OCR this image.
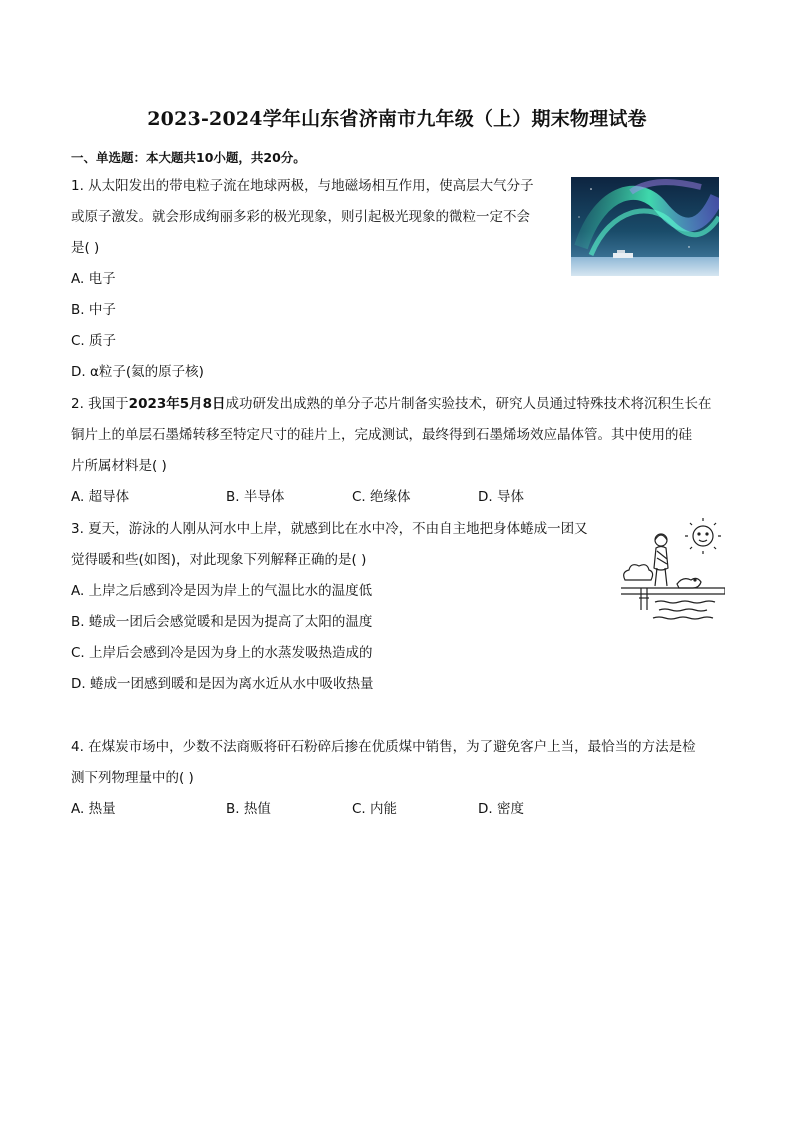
2023-2024学年山东省济南市九年级（上）期末物理试卷
一、单选题：本大题共10小题，共20分。
1. 从太阳发出的带电粒子流在地球两极，与地磁场相互作用，使高层大气分子
或原子激发。就会形成绚丽多彩的极光现象，则引起极光现象的微粒一定不会
是( )
A. 电子
B. 中子
C. 质子
D. α粒子(氦的原子核)
2. 我国于2023年5月8日成功研发出成熟的单分子芯片制备实验技术，研究人员通过特殊技术将沉积生长在
铜片上的单层石墨烯转移至特定尺寸的硅片上，完成测试，最终得到石墨烯场效应晶体管。其中使用的硅
片所属材料是( )
A. 超导体	B. 半导体	C. 绝缘体	D. 导体
3. 夏天，游泳的人刚从河水中上岸，就感到比在水中冷，不由自主地把身体蜷成一团又
觉得暖和些(如图)，对此现象下列解释正确的是( )
A. 上岸之后感到冷是因为岸上的气温比水的温度低
B. 蜷成一团后会感觉暖和是因为提高了太阳的温度
C. 上岸后会感到冷是因为身上的水蒸发吸热造成的
D. 蜷成一团感到暖和是因为离水近从水中吸收热量
4. 在煤炭市场中，少数不法商贩将矸石粉碎后掺在优质煤中销售，为了避免客户上当，最恰当的方法是检
测下列物理量中的( )
A. 热量	B. 热值	C. 内能	D. 密度
